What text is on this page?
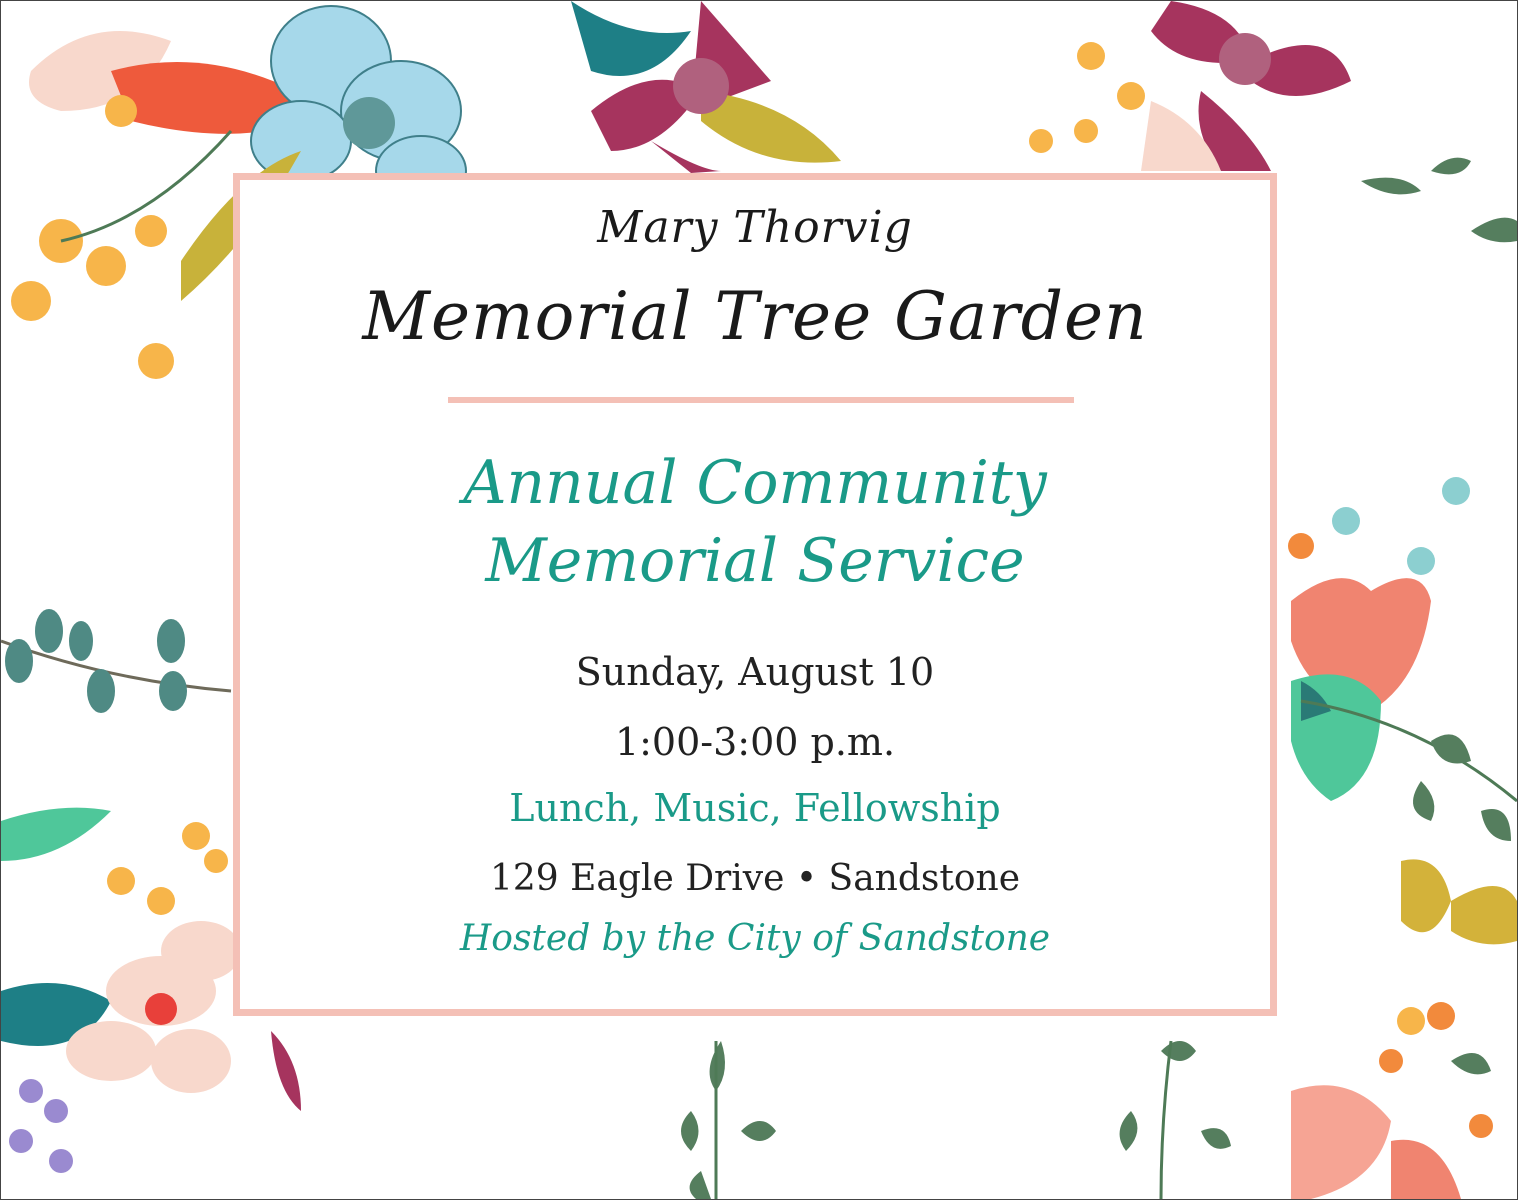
Mary Thorvig
Memorial Tree Garden
Annual Community
Memorial Service
Sunday, August 10
1:00-3:00 p.m.
Lunch, Music, Fellowship
129 Eagle Drive • Sandstone
Hosted by the City of Sandstone
